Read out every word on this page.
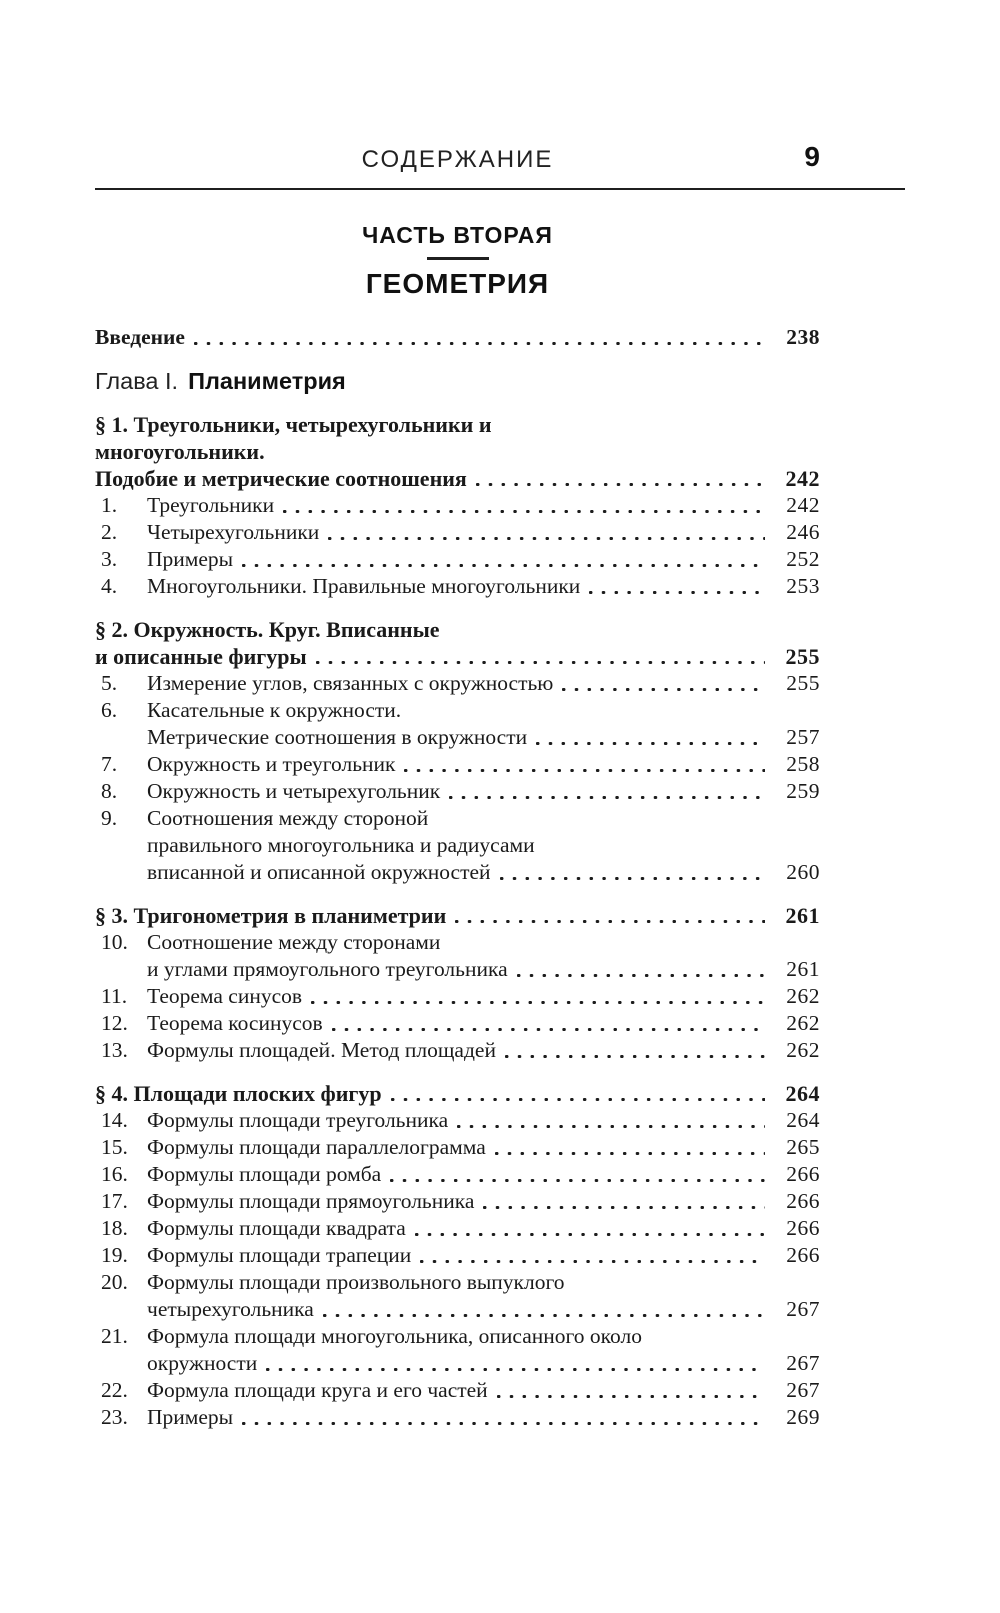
СОДЕРЖАНИЕ	9
ЧАСТЬ ВТОРАЯ
ГЕОМЕТРИЯ
Введение	238
Глава I. Планиметрия
§ 1. Треугольники, четырехугольники и
многоугольники.
Подобие и метрические соотношения	242
1.	Треугольники	242
2.	Четырехугольники	246
3.	Примеры	252
4.	Многоугольники. Правильные многоугольники	253
§ 2. Окружность. Круг. Вписанные
и описанные фигуры	255
5.	Измерение углов, связанных с окружностью	255
6.	Касательные к окружности.
Метрические соотношения в окружности	257
7.	Окружность и треугольник	258
8.	Окружность и четырехугольник	259
9.	Соотношения между стороной
правильного многоугольника и радиусами
вписанной и описанной окружностей	260
§ 3. Тригонометрия в планиметрии	261
10. Соотношение между сторонами
и углами прямоугольного треугольника	261
11. Теорема синусов	262
12. Теорема косинусов	262
13. Формулы площадей. Метод площадей	262
§ 4. Площади плоских фигур	264
14. Формулы площади треугольника	264
15. Формулы площади параллелограмма	265
16. Формулы площади ромба	266
17. Формулы площади прямоугольника	266
18. Формулы площади квадрата	266
19. Формулы площади трапеции	266
20. Формулы площади произвольного выпуклого
четырехугольника	267
21. Формула площади многоугольника, описанного около
окружности	267
22. Формула площади круга и его частей	267
23. Примеры	269
